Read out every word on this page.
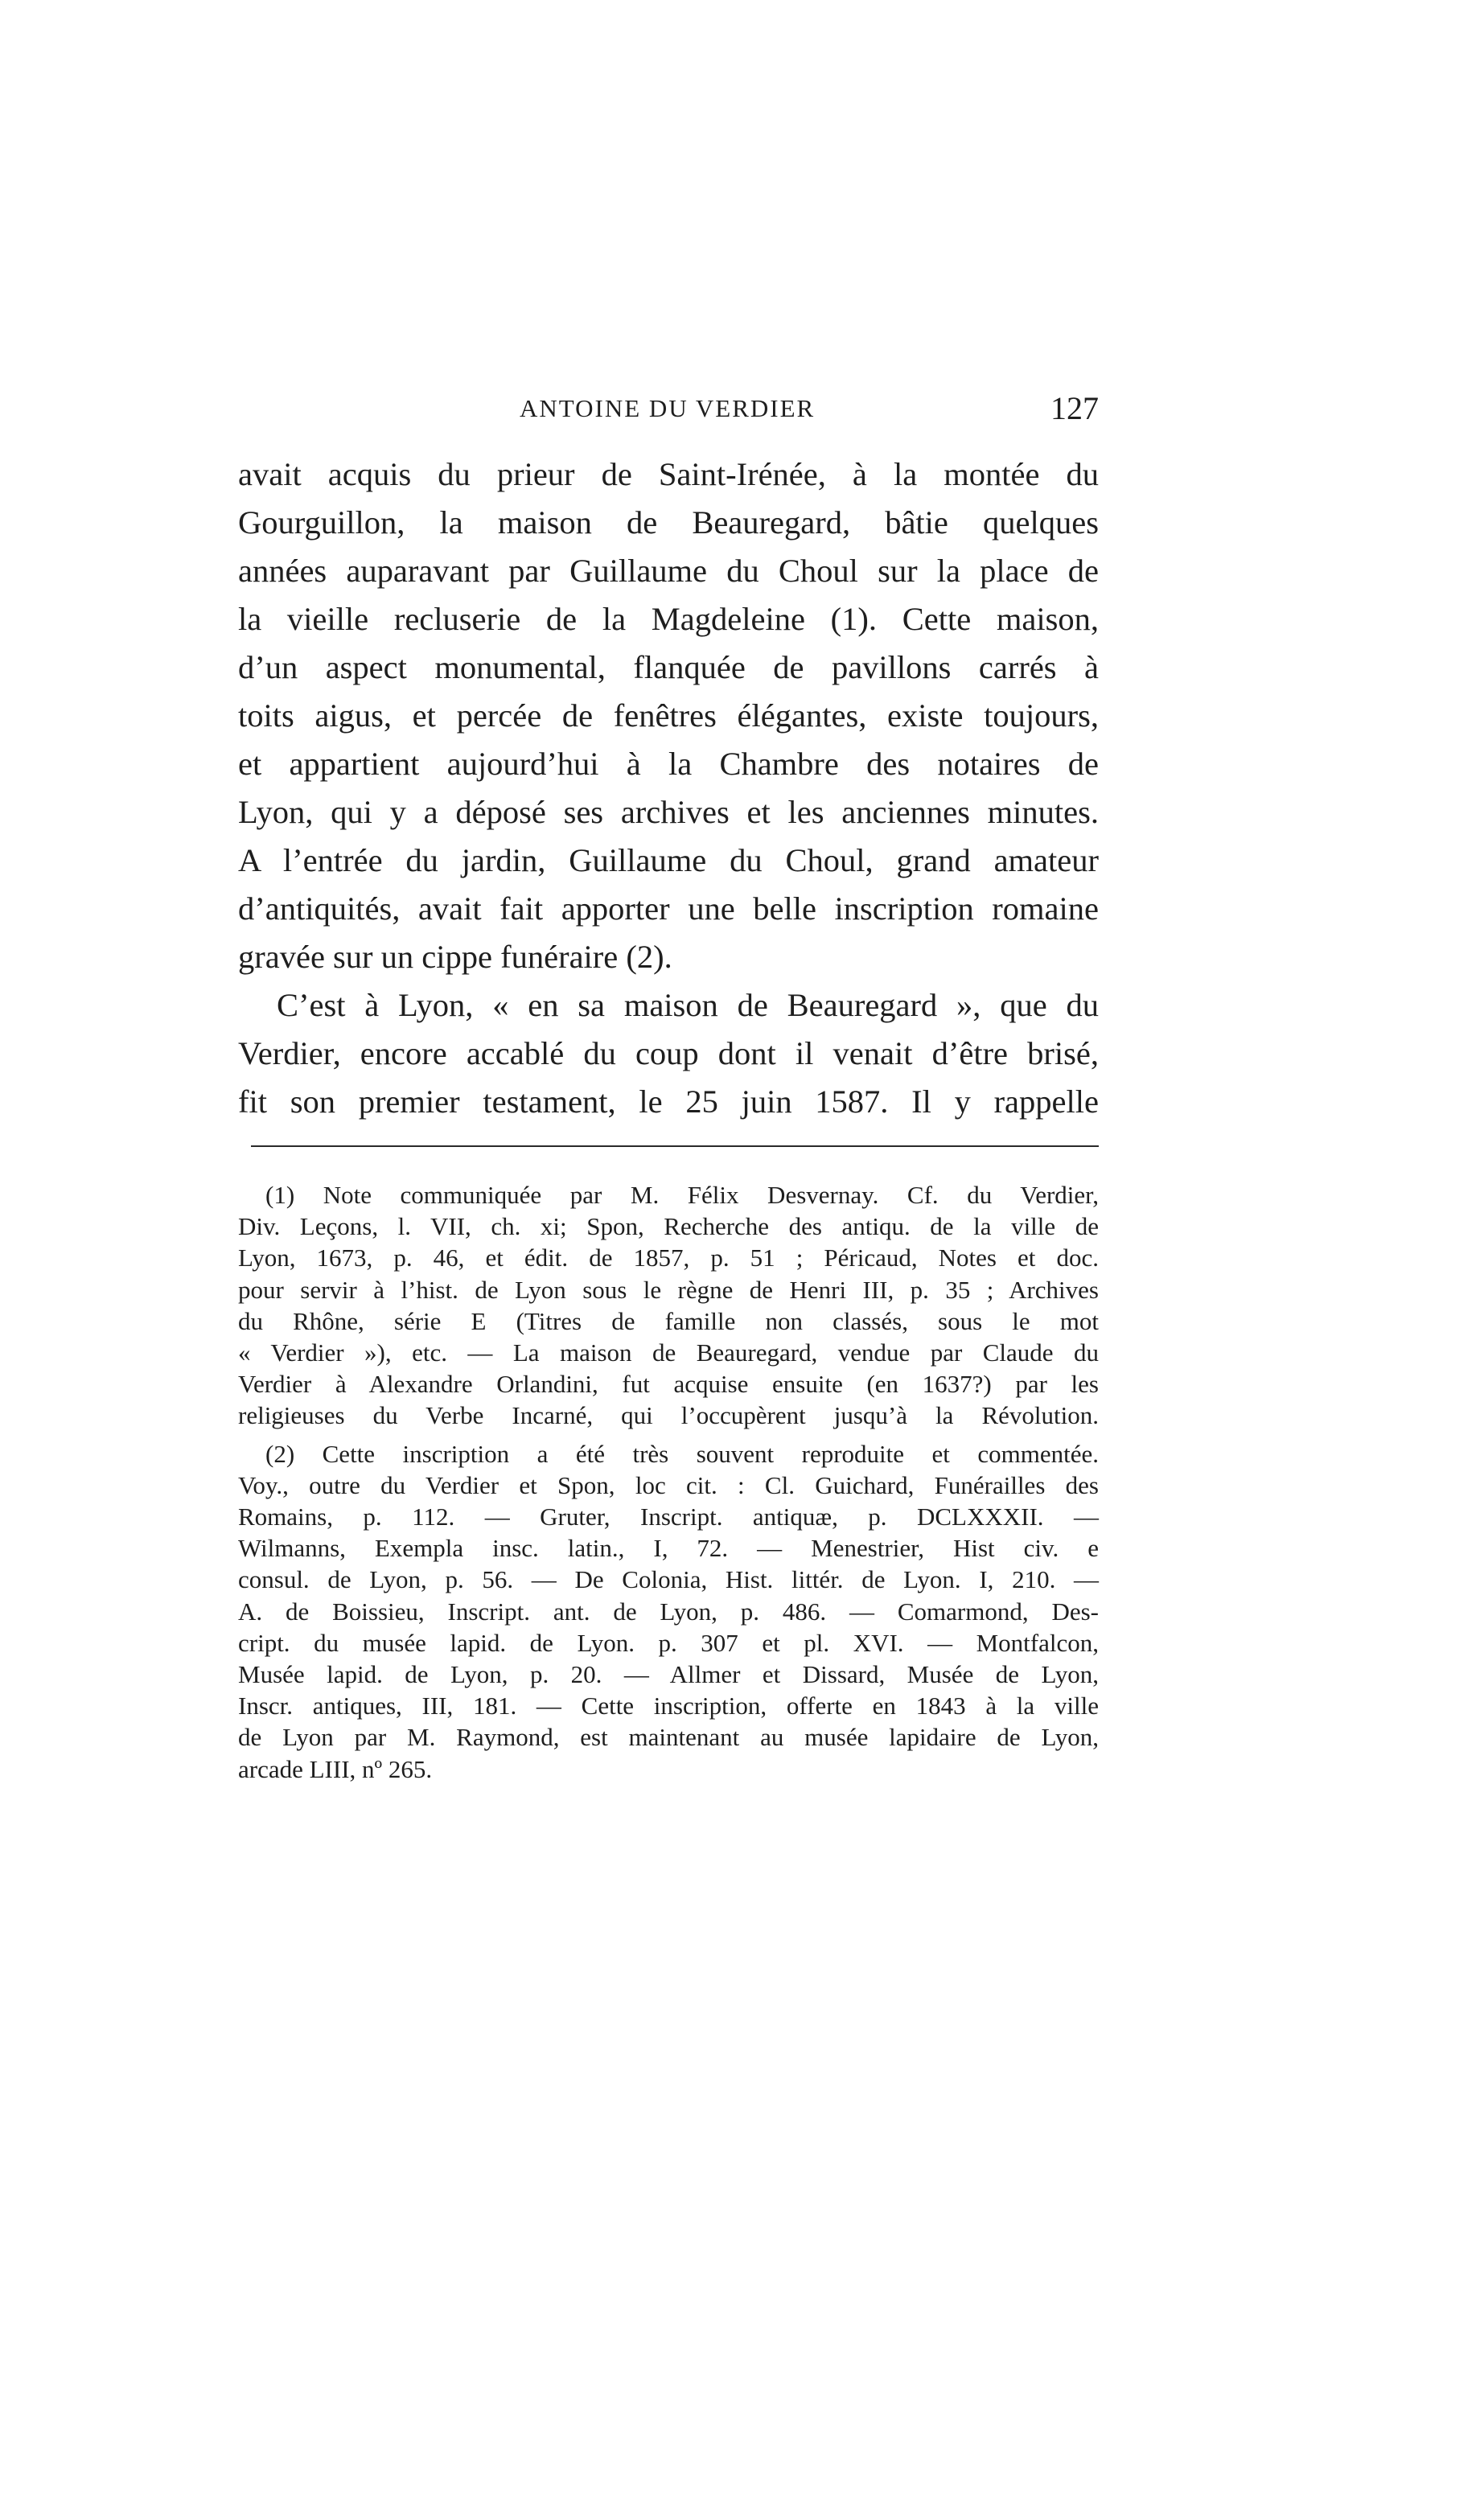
ANTOINE DU VERDIER	127
avait acquis du prieur de Saint-Irénée, à la montée du
Gourguillon, la maison de Beauregard, bâtie quelques
années auparavant par Guillaume du Choul sur la place de
la vieille recluserie de la Magdeleine (1). Cette maison,
d’un aspect monumental, flanquée de pavillons carrés à
toits aigus, et percée de fenêtres élégantes, existe toujours,
et appartient aujourd’hui à la Chambre des notaires de
Lyon, qui y a déposé ses archives et les anciennes minutes.
A l’entrée du jardin, Guillaume du Choul, grand amateur
d’antiquités, avait fait apporter une belle inscription romaine
gravée sur un cippe funéraire (2).
C’est à Lyon, « en sa maison de Beauregard », que du
Verdier, encore accablé du coup dont il venait d’être brisé,
fit son premier testament, le 25 juin 1587. Il y rappelle
(1) Note communiquée par M. Félix Desvernay. Cf. du Verdier,
Div. Leçons, l. VII, ch. xi; Spon, Recherche des antiqu. de la ville de
Lyon, 1673, p. 46, et édit. de 1857, p. 51 ; Péricaud, Notes et doc.
pour servir à l’hist. de Lyon sous le règne de Henri III, p. 35 ; Archives
du Rhône, série E (Titres de famille non classés, sous le mot
« Verdier »), etc. — La maison de Beauregard, vendue par Claude du
Verdier à Alexandre Orlandini, fut acquise ensuite (en 1637?) par les
religieuses du Verbe Incarné, qui l’occupèrent jusqu’à la Révolution.
(2) Cette inscription a été très souvent reproduite et commentée.
Voy., outre du Verdier et Spon, loc cit. : Cl. Guichard, Funérailles des
Romains, p. 112. — Gruter, Inscript. antiquæ, p. DCLXXXII. —
Wilmanns, Exempla insc. latin., I, 72. — Menestrier, Hist civ. e
consul. de Lyon, p. 56. — De Colonia, Hist. littér. de Lyon. I, 210. —
A. de Boissieu, Inscript. ant. de Lyon, p. 486. — Comarmond, Des-
cript. du musée lapid. de Lyon. p. 307 et pl. XVI. — Montfalcon,
Musée lapid. de Lyon, p. 20. — Allmer et Dissard, Musée de Lyon,
Inscr. antiques, III, 181. — Cette inscription, offerte en 1843 à la ville
de Lyon par M. Raymond, est maintenant au musée lapidaire de Lyon,
arcade LIII, nº 265.
